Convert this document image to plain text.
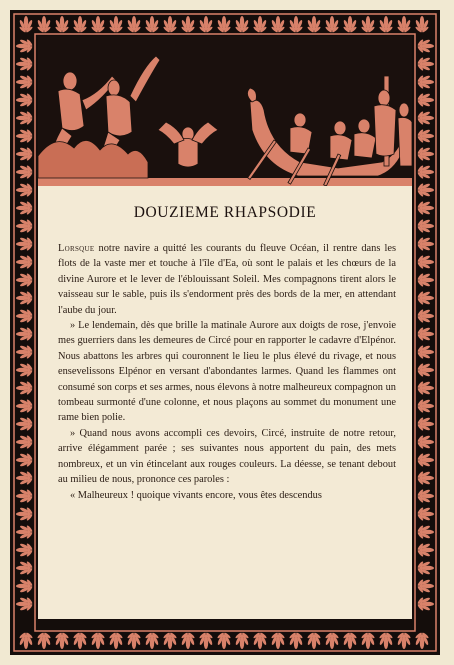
DOUZIEME RHAPSODIE

Lorsque notre navire a quitté les courants du fleuve Océan, il rentre dans les flots de la vaste mer et touche à l'île d'Ea, où sont le palais et les chœurs de la divine Aurore et le lever de l'éblouissant Soleil. Mes compagnons tirent alors le vaisseau sur le sable, puis ils s'endorment près des bords de la mer, en attendant l'aube du jour.

» Le lendemain, dès que brille la matinale Aurore aux doigts de rose, j'envoie mes guerriers dans les demeures de Circé pour en rapporter le cadavre d'Elpénor. Nous abattons les arbres qui couronnent le lieu le plus élevé du rivage, et nous ensevelissons Elpénor en versant d'abondantes larmes. Quand les flammes ont consumé son corps et ses armes, nous élevons à notre malheureux compagnon un tombeau surmonté d'une colonne, et nous plaçons au sommet du monument une rame bien polie.

» Quand nous avons accompli ces devoirs, Circé, instruite de notre retour, arrive élégamment parée ; ses suivantes nous apportent du pain, des mets nombreux, et un vin étincelant aux rouges couleurs. La déesse, se tenant debout au milieu de nous, prononce ces paroles :

« Malheureux ! quoique vivants encore, vous êtes descendus
